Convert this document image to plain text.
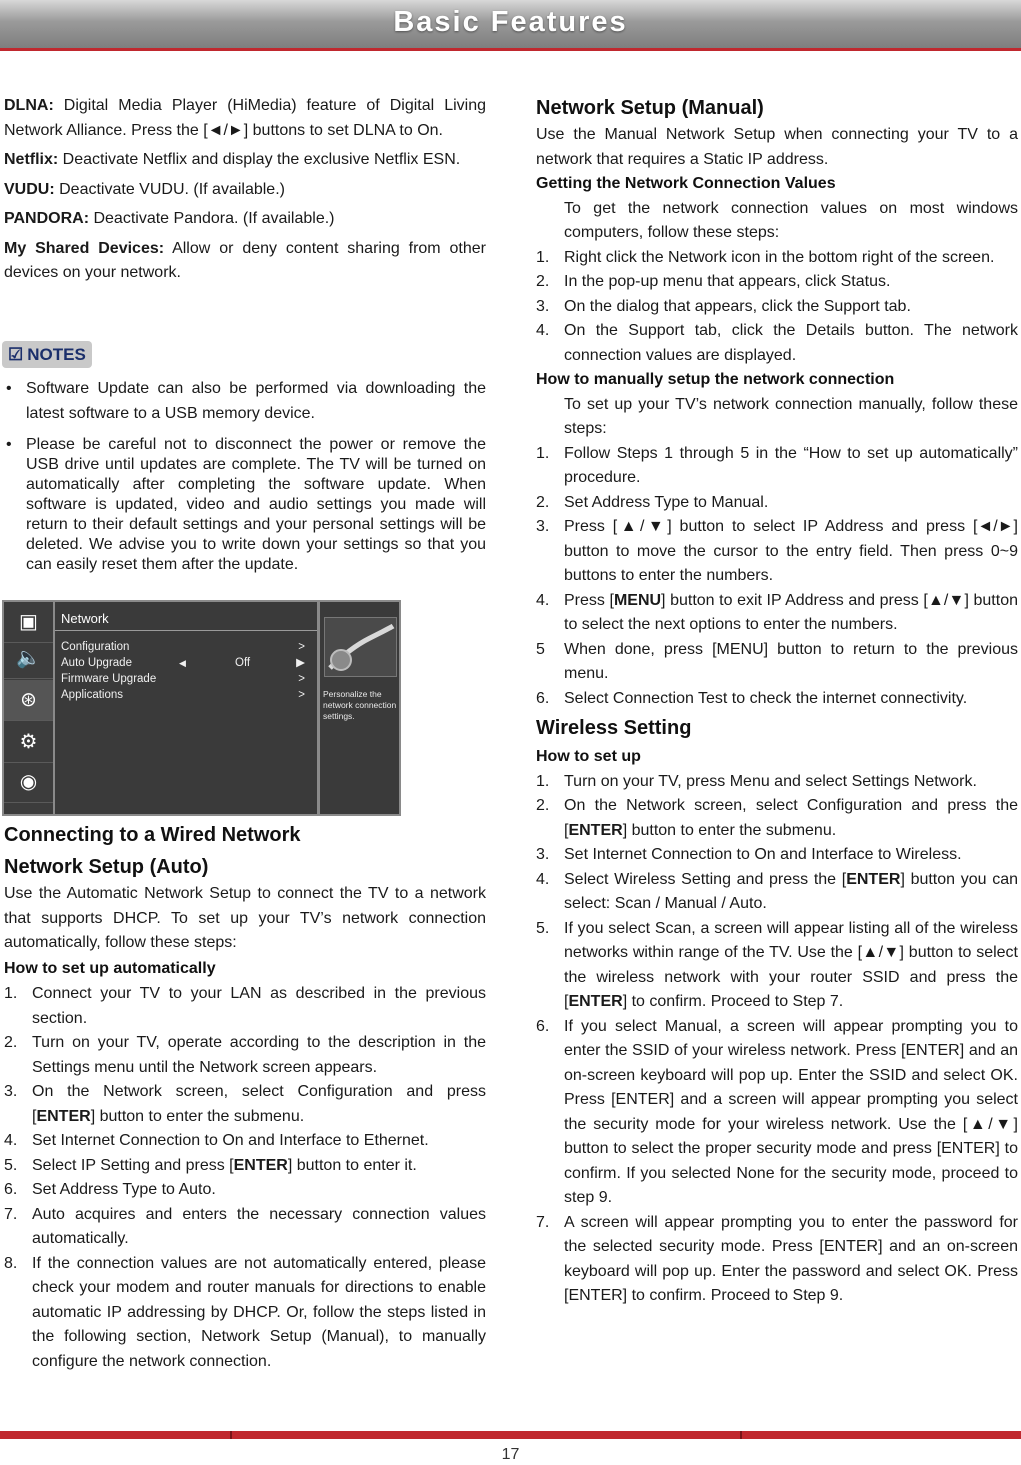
Basic Features

DLNA: Digital Media Player (HiMedia) feature of Digital Living Network Alliance. Press the [◄/►] buttons to set DLNA to On.

Netflix: Deactivate Netflix and display the exclusive Netflix ESN.

VUDU: Deactivate VUDU. (If available.)

PANDORA: Deactivate Pandora. (If available.)

My Shared Devices: Allow or deny content sharing from other devices on your network.

☑ NOTES
• Software Update can also be performed via downloading the latest software to a USB memory device.
• Please be careful not to disconnect the power or remove the USB drive until updates are complete. The TV will be turned on automatically after completing the software update. When software is updated, video and audio settings you made will return to their default settings and your personal settings will be deleted. We advise you to write down your settings so that you can easily reset them after the update.
▣
🔈
⊛
⚙
◉
Network
Configuration	>
Auto Upgrade	◀	Off	▶
Firmware Upgrade	>
Applications	> Personalize the network connection settings.
Connecting to a Wired Network
Network Setup (Auto)

Use the Automatic Network Setup to connect the TV to a network that supports DHCP. To set up your TV’s network connection automatically, follow these steps:

How to set up automatically
1. Connect your TV to your LAN as described in the previous section.
2. Turn on your TV, operate according to the description in the Settings menu until the Network screen appears.
3. On the Network screen, select Configuration and press [ENTER] button to enter the submenu.
4. Set Internet Connection to On and Interface to Ethernet.
5. Select IP Setting and press [ENTER] button to enter it.
6. Set Address Type to Auto.
7. Auto acquires and enters the necessary connection values automatically.
8. If the connection values are not automatically entered, please check your modem and router manuals for directions to enable automatic IP addressing by DHCP. Or, follow the steps listed in the following section, Network Setup (Manual), to manually configure the network connection.
Network Setup (Manual)

Use the Manual Network Setup when connecting your TV to a network that requires a Static IP address.

Getting the Network Connection Values

To get the network connection values on most windows computers, follow these steps:

1. Right click the Network icon in the bottom right of the screen.
2. In the pop-up menu that appears, click Status.
3. On the dialog that appears, click the Support tab.
4. On the Support tab, click the Details button. The network connection values are displayed.
How to manually setup the network connection

To set up your TV’s network connection manually, follow these steps:

1. Follow Steps 1 through 5 in the “How to set up automatically” procedure.
2. Set Address Type to Manual.
3. Press [▲/▼] button to select IP Address and press [◄/►] button to move the cursor to the entry field. Then press 0~9 buttons to enter the numbers.
4. Press [MENU] button to exit IP Address and press [▲/▼] button to select the next options to enter the numbers.
5 When done, press [MENU] button to return to the previous menu.
6. Select Connection Test to check the internet connectivity.
Wireless Setting
How to set up
1. Turn on your TV, press Menu and select Settings Network.
2. On the Network screen, select Configuration and press the [ENTER] button to enter the submenu.
3. Set Internet Connection to On and Interface to Wireless.
4. Select Wireless Setting and press the [ENTER] button you can select: Scan / Manual / Auto.
5. If you select Scan, a screen will appear listing all of the wireless networks within range of the TV. Use the [▲/▼] button to select the wireless network with your router SSID and press the [ENTER] to confirm. Proceed to Step 7.
6. If you select Manual, a screen will appear prompting you to enter the SSID of your wireless network. Press [ENTER] and an on-screen keyboard will pop up. Enter the SSID and select OK. Press [ENTER] and a screen will appear prompting you select the security mode for your wireless network. Use the [▲/▼] button to select the proper security mode and press [ENTER] to confirm. If you selected None for the security mode, proceed to step 9.
7. A screen will appear prompting you to enter the password for the selected security mode. Press [ENTER] and an on-screen keyboard will pop up. Enter the password and select OK. Press [ENTER] to confirm. Proceed to Step 9.
17
